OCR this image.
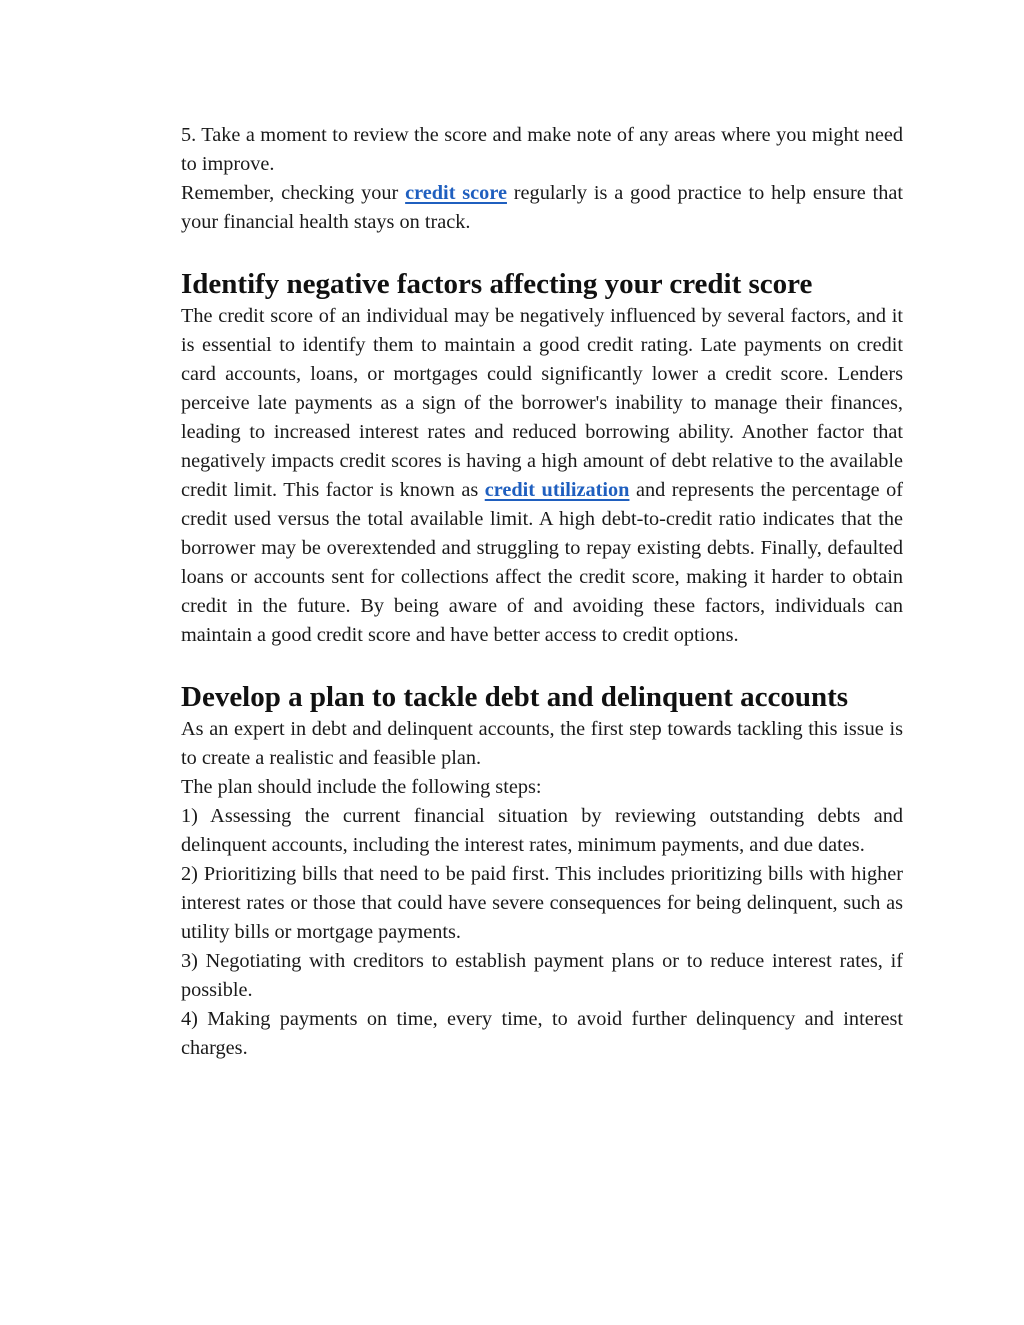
5. Take a moment to review the score and make note of any areas where you might need to improve.

Remember, checking your credit score regularly is a good practice to help ensure that your financial health stays on track.

Identify negative factors affecting your credit score

The credit score of an individual may be negatively influenced by several factors, and it is essential to identify them to maintain a good credit rating. Late payments on credit card accounts, loans, or mortgages could significantly lower a credit score. Lenders perceive late payments as a sign of the borrower's inability to manage their finances, leading to increased interest rates and reduced borrowing ability. Another factor that negatively impacts credit scores is having a high amount of debt relative to the available credit limit. This factor is known as credit utilization and represents the percentage of credit used versus the total available limit. A high debt-to-credit ratio indicates that the borrower may be overextended and struggling to repay existing debts. Finally, defaulted loans or accounts sent for collections affect the credit score, making it harder to obtain credit in the future. By being aware of and avoiding these factors, individuals can maintain a good credit score and have better access to credit options.

Develop a plan to tackle debt and delinquent accounts

As an expert in debt and delinquent accounts, the first step towards tackling this issue is to create a realistic and feasible plan.

The plan should include the following steps:

1) Assessing the current financial situation by reviewing outstanding debts and delinquent accounts, including the interest rates, minimum payments, and due dates.

2) Prioritizing bills that need to be paid first. This includes prioritizing bills with higher interest rates or those that could have severe consequences for being delinquent, such as utility bills or mortgage payments.

3) Negotiating with creditors to establish payment plans or to reduce interest rates, if possible.

4) Making payments on time, every time, to avoid further delinquency and interest charges.
